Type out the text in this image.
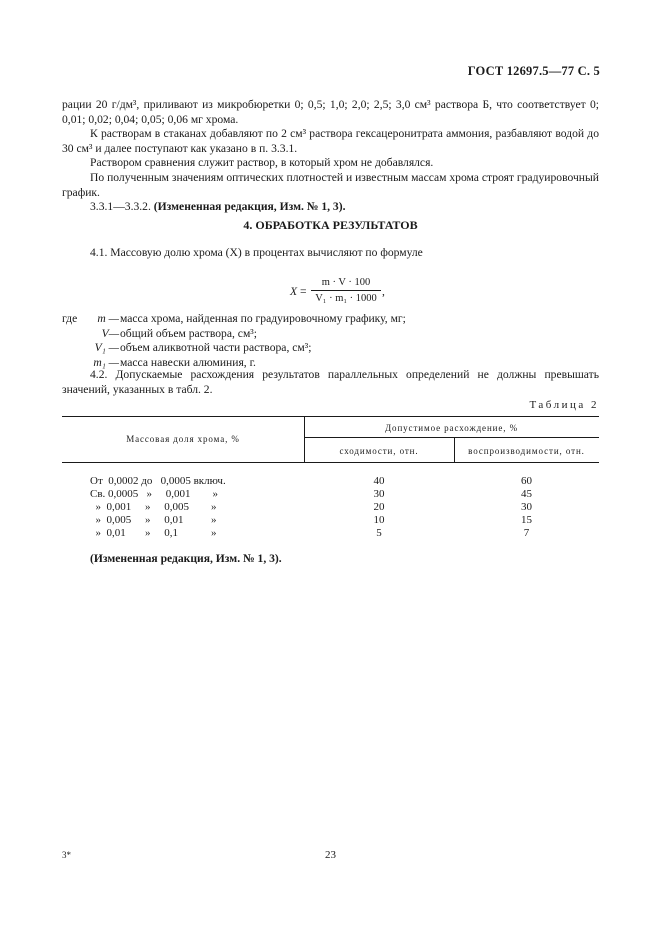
ГОСТ 12697.5—77 С. 5
рации 20 г/дм³, приливают из микробюретки 0; 0,5; 1,0; 2,0; 2,5; 3,0 см³ раствора Б, что соответствует 0; 0,01; 0,02; 0,04; 0,05; 0,06 мг хрома.
К растворам в стаканах добавляют по 2 см³ раствора гексацеронитрата аммония, разбавляют водой до 30 см³ и далее поступают как указано в п. 3.3.1.
Раствором сравнения служит раствор, в который хром не добавлялся.
По полученным значениям оптических плотностей и известным массам хрома строят градуировочный график.
3.3.1—3.3.2. (Измененная редакция, Изм. № 1, 3).
4. ОБРАБОТКА РЕЗУЛЬТАТОВ
4.1. Массовую долю хрома (X) в процентах вычисляют по формуле
$X = \frac{m \cdot V \cdot 100}{\text{V₁ · m₁ · 1000}}$ ,
где	m — масса хрома, найденная по градуировочному графику, мг;
V— общий объем раствора, см³;
V₁ — объем аликвотной части раствора, см³;
m₁ — масса навески алюминия, г.
4.2. Допускаемые расхождения результатов параллельных определений не должны превышать значений, указанных в табл. 2.
Таблица 2
Массовая доля хрома, %
Допустимое расхождение, %
сходимости, отн.	воспроизводимости, отн.
От  0,0002 до   0,0005 включ.	40	60
Св. 0,0005   »     0,001        »	30	45
»  0,001     »     0,005        »	20	30
»  0,005     »     0,01          »	10	15
»  0,01       »     0,1            »	5	7
(Измененная редакция, Изм. № 1, 3).
3*	23
